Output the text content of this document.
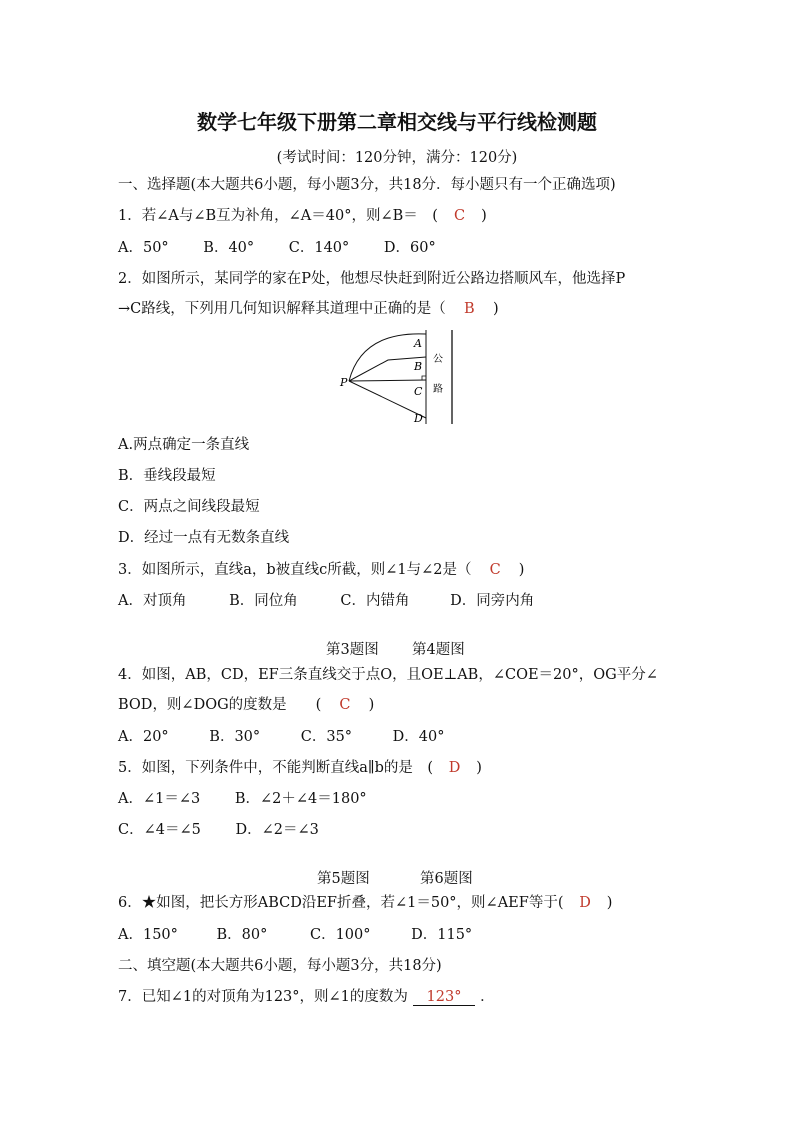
数学七年级下册第二章相交线与平行线检测题
(考试时间：120分钟，满分：120分)
一、选择题(本大题共6小题，每小题3分，共18分．每小题只有一个正确选项)
1．若∠A与∠B互为补角，∠A＝40°，则∠B＝　( C )
A．50° B．40° C．140° D．60°
2．如图所示，某同学的家在P处，他想尽快赶到附近公路边搭顺风车，他选择P
→C路线，下列用几何知识解释其道理中正确的是（ B )
A
B
C
D
P
公
路
A.两点确定一条直线
B．垂线段最短
C．两点之间线段最短
D．经过一点有无数条直线
3．如图所示，直线a，b被直线c所截，则∠1与∠2是（ C )
A．对顶角	B．同位角	C．内错角	D．同旁内角
第3题图 第4题图
4．如图，AB，CD，EF三条直线交于点O，且OE⊥AB，∠COE＝20°，OG平分∠
BOD，则∠DOG的度数是　　( C )
A．20°	B．30°	C．35°	D．40°
5．如图，下列条件中，不能判断直线a∥b的是　( D )
A．∠1＝∠3 B．∠2＋∠4＝180°
C．∠4＝∠5 D．∠2＝∠3
第5题图	第6题图
6．★如图，把长方形ABCD沿EF折叠，若∠1＝50°，则∠AEF等于( D )
A．150°	B．80°	C．100°	D．115°
二、填空题(本大题共6小题，每小题3分，共18分)
7．已知∠1的对顶角为123°，则∠1的度数为 123° ．
